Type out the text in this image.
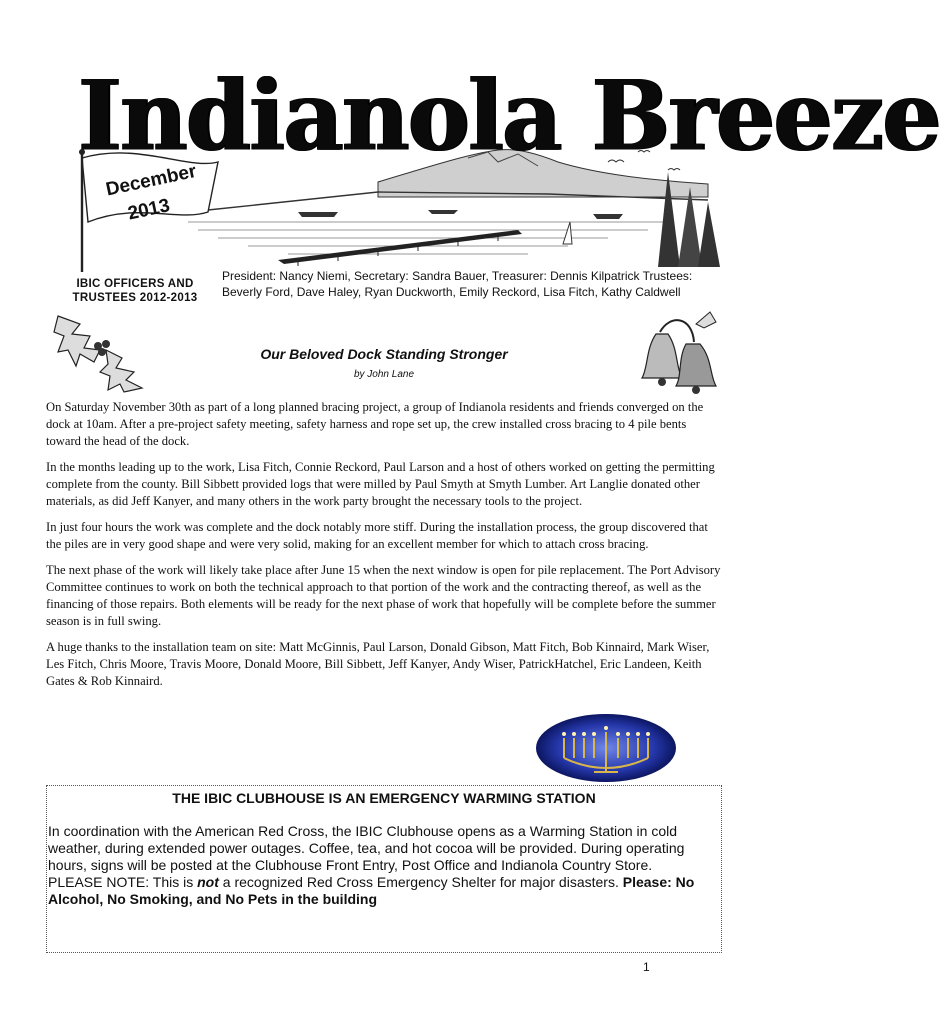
Indianola Breeze
December
2013
IBIC OFFICERS AND TRUSTEES 2012-2013
President: Nancy Niemi, Secretary: Sandra Bauer, Treasurer: Dennis Kilpatrick Trustees: Beverly Ford, Dave Haley, Ryan Duckworth, Emily Reckord, Lisa Fitch, Kathy Caldwell
Our Beloved Dock Standing Stronger
by John Lane

On Saturday November 30th as part of a long planned bracing project, a group of Indianola residents and friends converged on the dock at 10am. After a pre-project safety meeting, safety harness and rope set up, the crew installed cross bracing to 4 pile bents toward the head of the dock.

In the months leading up to the work, Lisa Fitch, Connie Reckord, Paul Larson and a host of others worked on getting the permitting complete from the county. Bill Sibbett provided logs that were milled by Paul Smyth at Smyth Lumber. Art Langlie donated other materials, as did Jeff Kanyer, and many others in the work party brought the necessary tools to the project.

In just four hours the work was complete and the dock notably more stiff. During the installation process, the group discovered that the piles are in very good shape and were very solid, making for an excellent member for which to attach cross bracing.

The next phase of the work will likely take place after June 15 when the next window is open for pile replacement. The Port Advisory Committee continues to work on both the technical approach to that portion of the work and the contracting thereof, as well as the financing of those repairs. Both elements will be ready for the next phase of work that hopefully will be complete before the summer season is in full swing.

A huge thanks to the installation team on site: Matt McGinnis, Paul Larson, Donald Gibson, Matt Fitch, Bob Kinnaird, Mark Wiser, Les Fitch, Chris Moore, Travis Moore, Donald Moore, Bill Sibbett, Jeff Kanyer, Andy Wiser, PatrickHatchel, Eric Landeen, Keith Gates & Rob Kinnaird.

THE IBIC CLUBHOUSE IS AN EMERGENCY WARMING STATION
In coordination with the American Red Cross, the IBIC Clubhouse opens as a Warming Station in cold weather, during extended power outages. Coffee, tea, and hot cocoa will be provided. During operating hours, signs will be posted at the Clubhouse Front Entry, Post Office and Indianola Country Store.
PLEASE NOTE: This is not a recognized Red Cross Emergency Shelter for major disasters. Please: No Alcohol, No Smoking, and No Pets in the building
1
